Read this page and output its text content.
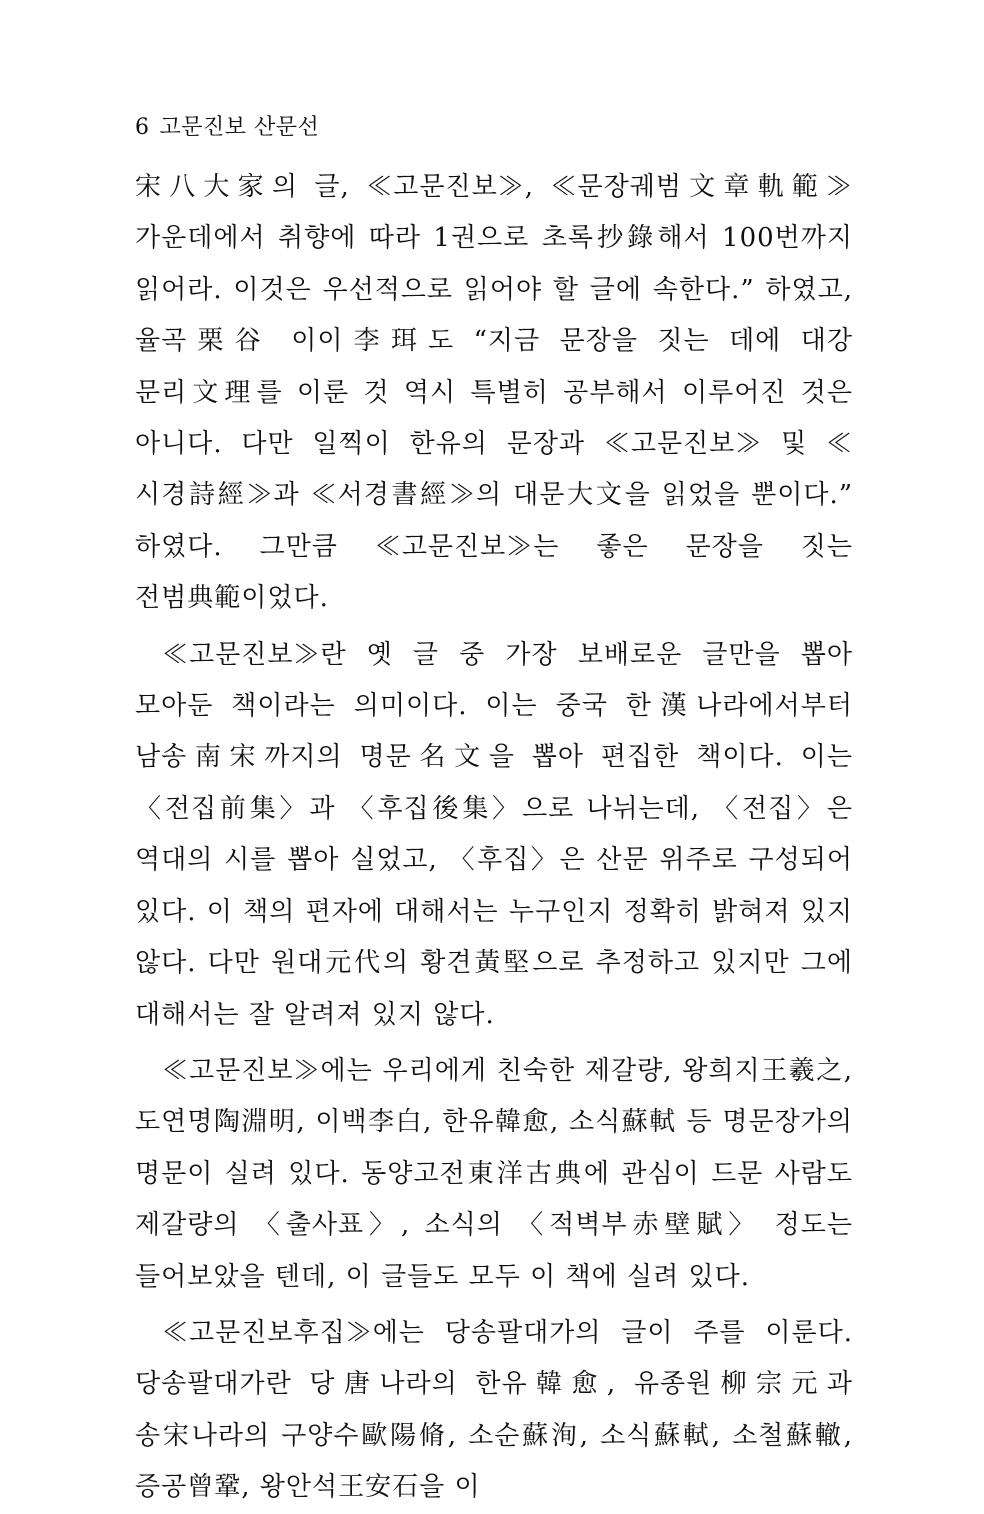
6 고문진보 산문선

宋八大家의 글, ≪고문진보≫, ≪문장궤범文章軌範≫ 가운데에서 취향에 따라 1권으로 초록抄錄해서 100번까지 읽어라. 이것은 우선적으로 읽어야 할 글에 속한다.” 하였고, 율곡栗谷 이이李珥도 “지금 문장을 짓는 데에 대강 문리文理를 이룬 것 역시 특별히 공부해서 이루어진 것은 아니다. 다만 일찍이 한유의 문장과 ≪고문진보≫ 및 ≪시경詩經≫과 ≪서경書經≫의 대문大文을 읽었을 뿐이다.” 하였다. 그만큼 ≪고문진보≫는 좋은 문장을 짓는 전범典範이었다.

≪고문진보≫란 옛 글 중 가장 보배로운 글만을 뽑아 모아둔 책이라는 의미이다. 이는 중국 한漢나라에서부터 남송南宋까지의 명문名文을 뽑아 편집한 책이다. 이는 〈전집前集〉과 〈후집後集〉으로 나뉘는데, 〈전집〉은 역대의 시를 뽑아 실었고, 〈후집〉은 산문 위주로 구성되어 있다. 이 책의 편자에 대해서는 누구인지 정확히 밝혀져 있지 않다. 다만 원대元代의 황견黃堅으로 추정하고 있지만 그에 대해서는 잘 알려져 있지 않다.

≪고문진보≫에는 우리에게 친숙한 제갈량, 왕희지王羲之, 도연명陶淵明, 이백李白, 한유韓愈, 소식蘇軾 등 명문장가의 명문이 실려 있다. 동양고전東洋古典에 관심이 드문 사람도 제갈량의 〈출사표〉, 소식의 〈적벽부赤壁賦〉 정도는 들어보았을 텐데, 이 글들도 모두 이 책에 실려 있다.

≪고문진보후집≫에는 당송팔대가의 글이 주를 이룬다. 당송팔대가란 당唐나라의 한유韓愈, 유종원柳宗元과 송宋나라의 구양수歐陽脩, 소순蘇洵, 소식蘇軾, 소철蘇轍, 증공曾鞏, 왕안석王安石을 이
